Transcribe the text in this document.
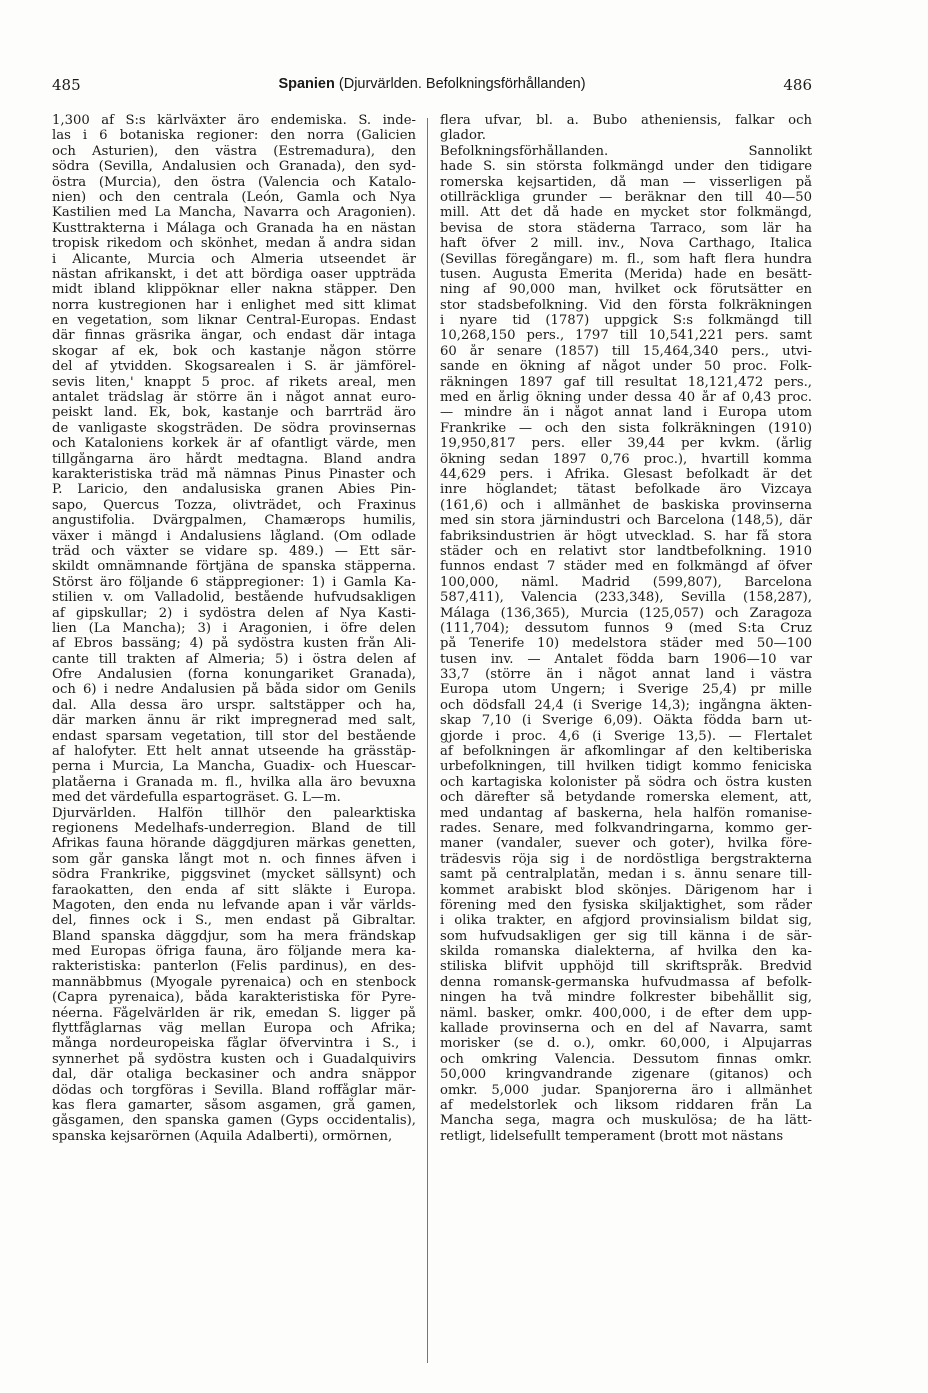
485	Spanien (Djurvärlden. Befolkningsförhållanden)	486
1,300 af S:s kärlväxter äro endemiska. S. inde-
las i 6 botaniska regioner: den norra (Galicien
och Asturien), den västra (Estremadura), den
södra (Sevilla, Andalusien och Granada), den syd-
östra (Murcia), den östra (Valencia och Katalo-
nien) och den centrala (León, Gamla och Nya
Kastilien med La Mancha, Navarra och Aragonien).
Kusttrakterna i Málaga och Granada ha en nästan
tropisk rikedom och skönhet, medan å andra sidan
i Alicante, Murcia och Almeria utseendet är
nästan afrikanskt, i det att bördiga oaser uppträda
midt ibland klippöknar eller nakna stäpper. Den
norra kustregionen har i enlighet med sitt klimat
en vegetation, som liknar Central-Europas. Endast
där finnas gräsrika ängar, och endast där intaga
skogar af ek, bok och kastanje någon större
del af ytvidden. Skogsarealen i S. är jämförel-
sevis liten,' knappt 5 proc. af rikets areal, men
antalet trädslag är större än i något annat euro-
peiskt land. Ek, bok, kastanje och barrträd äro
de vanligaste skogsträden. De södra provinsernas
och Kataloniens korkek är af ofantligt värde, men
tillgångarna äro hårdt medtagna. Bland andra
karakteristiska träd må nämnas Pinus Pinaster och
P. Laricio, den andalusiska granen Abies Pin-
sapo, Quercus Tozza, olivträdet, och Fraxinus
angustifolia. Dvärgpalmen, Chamærops humilis,
växer i mängd i Andalusiens lågland. (Om odlade
träd och växter se vidare sp. 489.) — Ett sär-
skildt omnämnande förtjäna de spanska stäpperna.
Störst äro följande 6 stäppregioner: 1) i Gamla Ka-
stilien v. om Valladolid, bestående hufvudsakligen
af gipskullar; 2) i sydöstra delen af Nya Kasti-
lien (La Mancha); 3) i Aragonien, i öfre delen
af Ebros bassäng; 4) på sydöstra kusten från Ali-
cante till trakten af Almeria; 5) i östra delen af
Öfre Andalusien (forna konungariket Granada),
och 6) i nedre Andalusien på båda sidor om Genils
dal. Alla dessa äro urspr. saltstäpper och ha,
där marken ännu är rikt impregnerad med salt,
endast sparsam vegetation, till stor del bestående
af halofyter. Ett helt annat utseende ha grässtäp-
perna i Murcia, La Mancha, Guadix- och Huescar-
platåerna i Granada m. fl., hvilka alla äro bevuxna
med det värdefulla espartogräset. G. L—m.
Djurvärlden. Halfön tillhör den palearktiska
regionens Medelhafs-underregion. Bland de till
Afrikas fauna hörande däggdjuren märkas genetten,
som går ganska långt mot n. och finnes äfven i
södra Frankrike, piggsvinet (mycket sällsynt) och
faraokatten, den enda af sitt släkte i Europa.
Magoten, den enda nu lefvande apan i vår världs-
del, finnes ock i S., men endast på Gibraltar.
Bland spanska däggdjur, som ha mera frändskap
med Europas öfriga fauna, äro följande mera ka-
rakteristiska: panterlon (Felis pardinus), en des-
mannäbbmus (Myogale pyrenaica) och en stenbock
(Capra pyrenaica), båda karakteristiska för Pyre-
néerna. Fågelvärlden är rik, emedan S. ligger på
flyttfåglarnas väg mellan Europa och Afrika;
många nordeuropeiska fåglar öfvervintra i S., i
synnerhet på sydöstra kusten och i Guadalquivirs
dal, där otaliga beckasiner och andra snäppor
dödas och torgföras i Sevilla. Bland roffåglar mär-
kas flera gamarter, såsom asgamen, grå gamen,
gåsgamen, den spanska gamen (Gyps occidentalis),
spanska kejsarörnen (Aquila Adalberti), ormörnen,
flera ufvar, bl. a. Bubo atheniensis, falkar och
glador.
Befolkningsförhållanden. Sannolikt
hade S. sin största folkmängd under den tidigare
romerska kejsartiden, då man — visserligen på
otillräckliga grunder — beräknar den till 40—50
mill. Att det då hade en mycket stor folkmängd,
bevisa de stora städerna Tarraco, som lär ha
haft öfver 2 mill. inv., Nova Carthago, Italica
(Sevillas föregångare) m. fl., som haft flera hundra
tusen. Augusta Emerita (Merida) hade en besätt-
ning af 90,000 man, hvilket ock förutsätter en
stor stadsbefolkning. Vid den första folkräkningen
i nyare tid (1787) uppgick S:s folkmängd till
10,268,150 pers., 1797 till 10,541,221 pers. samt
60 år senare (1857) till 15,464,340 pers., utvi-
sande en ökning af något under 50 proc. Folk-
räkningen 1897 gaf till resultat 18,121,472 pers.,
med en årlig ökning under dessa 40 år af 0,43 proc.
— mindre än i något annat land i Europa utom
Frankrike — och den sista folkräkningen (1910)
19,950,817 pers. eller 39,44 per kvkm. (årlig
ökning sedan 1897 0,76 proc.), hvartill komma
44,629 pers. i Afrika. Glesast befolkadt är det
inre höglandet; tätast befolkade äro Vizcaya
(161,6) och i allmänhet de baskiska provinserna
med sin stora järnindustri och Barcelona (148,5), där
fabriksindustrien är högt utvecklad. S. har få stora
städer och en relativt stor landtbefolkning. 1910
funnos endast 7 städer med en folkmängd af öfver
100,000, näml. Madrid (599,807), Barcelona
587,411), Valencia (233,348), Sevilla (158,287),
Málaga (136,365), Murcia (125,057) och Zaragoza
(111,704); dessutom funnos 9 (med S:ta Cruz
på Tenerife 10) medelstora städer med 50—100
tusen inv. — Antalet födda barn 1906—10 var
33,7 (större än i något annat land i västra
Europa utom Ungern; i Sverige 25,4) pr mille
och dödsfall 24,4 (i Sverige 14,3); ingångna äkten-
skap 7,10 (i Sverige 6,09). Oäkta födda barn ut-
gjorde i proc. 4,6 (i Sverige 13,5). — Flertalet
af befolkningen är afkomlingar af den keltiberiska
urbefolkningen, till hvilken tidigt kommo feniciska
och kartagiska kolonister på södra och östra kusten
och därefter så betydande romerska element, att,
med undantag af baskerna, hela halfön romanise-
rades. Senare, med folkvandringarna, kommo ger-
maner (vandaler, suever och goter), hvilka före-
trädesvis röja sig i de nordöstliga bergstrakterna
samt på centralplatån, medan i s. ännu senare till-
kommet arabiskt blod skönjes. Därigenom har i
förening med den fysiska skiljaktighet, som råder
i olika trakter, en afgjord provinsialism bildat sig,
som hufvudsakligen ger sig till känna i de sär-
skilda romanska dialekterna, af hvilka den ka-
stiliska blifvit upphöjd till skriftspråk. Bredvid
denna romansk-germanska hufvudmassa af befolk-
ningen ha två mindre folkrester bibehållit sig,
näml. basker, omkr. 400,000, i de efter dem upp-
kallade provinserna och en del af Navarra, samt
morisker (se d. o.), omkr. 60,000, i Alpujarras
och omkring Valencia. Dessutom finnas omkr.
50,000 kringvandrande zigenare (gitanos) och
omkr. 5,000 judar. Spanjorerna äro i allmänhet
af medelstorlek och liksom riddaren från La
Mancha sega, magra och muskulösa; de ha lätt-
retligt, lidelsefullt temperament (brott mot nästans
